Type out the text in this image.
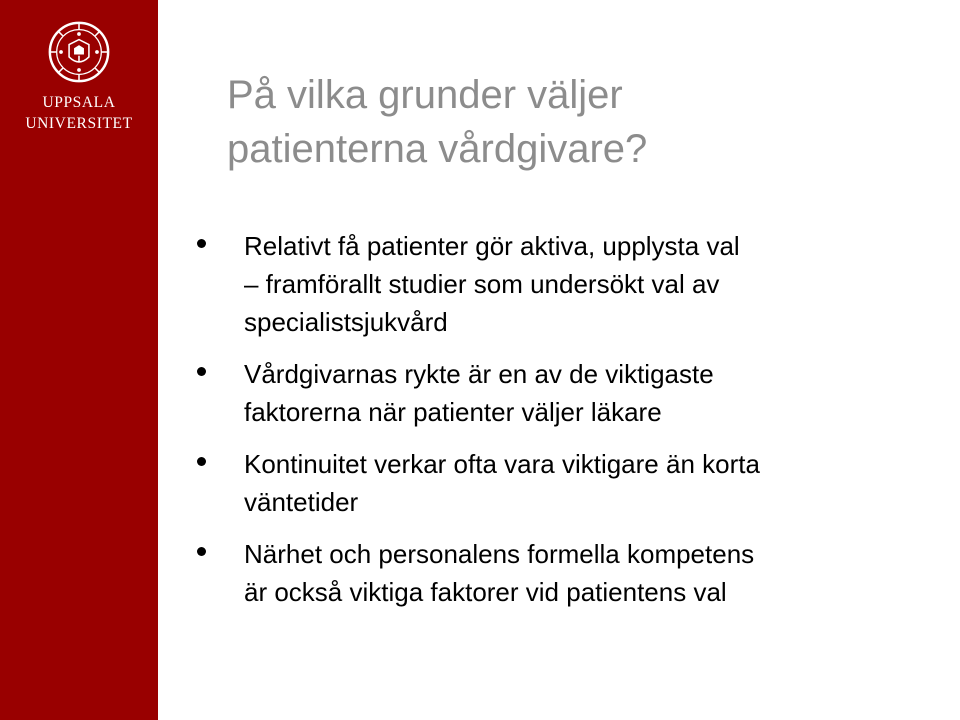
UPPSALA
UNIVERSITET
På vilka grunder väljer
patienterna vårdgivare?
Relativt få patienter gör aktiva, upplysta val
– framförallt studier som undersökt val av
specialistsjukvård
Vårdgivarnas rykte är en av de viktigaste
faktorerna när patienter väljer läkare
Kontinuitet verkar ofta vara viktigare än korta
väntetider
Närhet och personalens formella kompetens
är också viktiga faktorer vid patientens val
